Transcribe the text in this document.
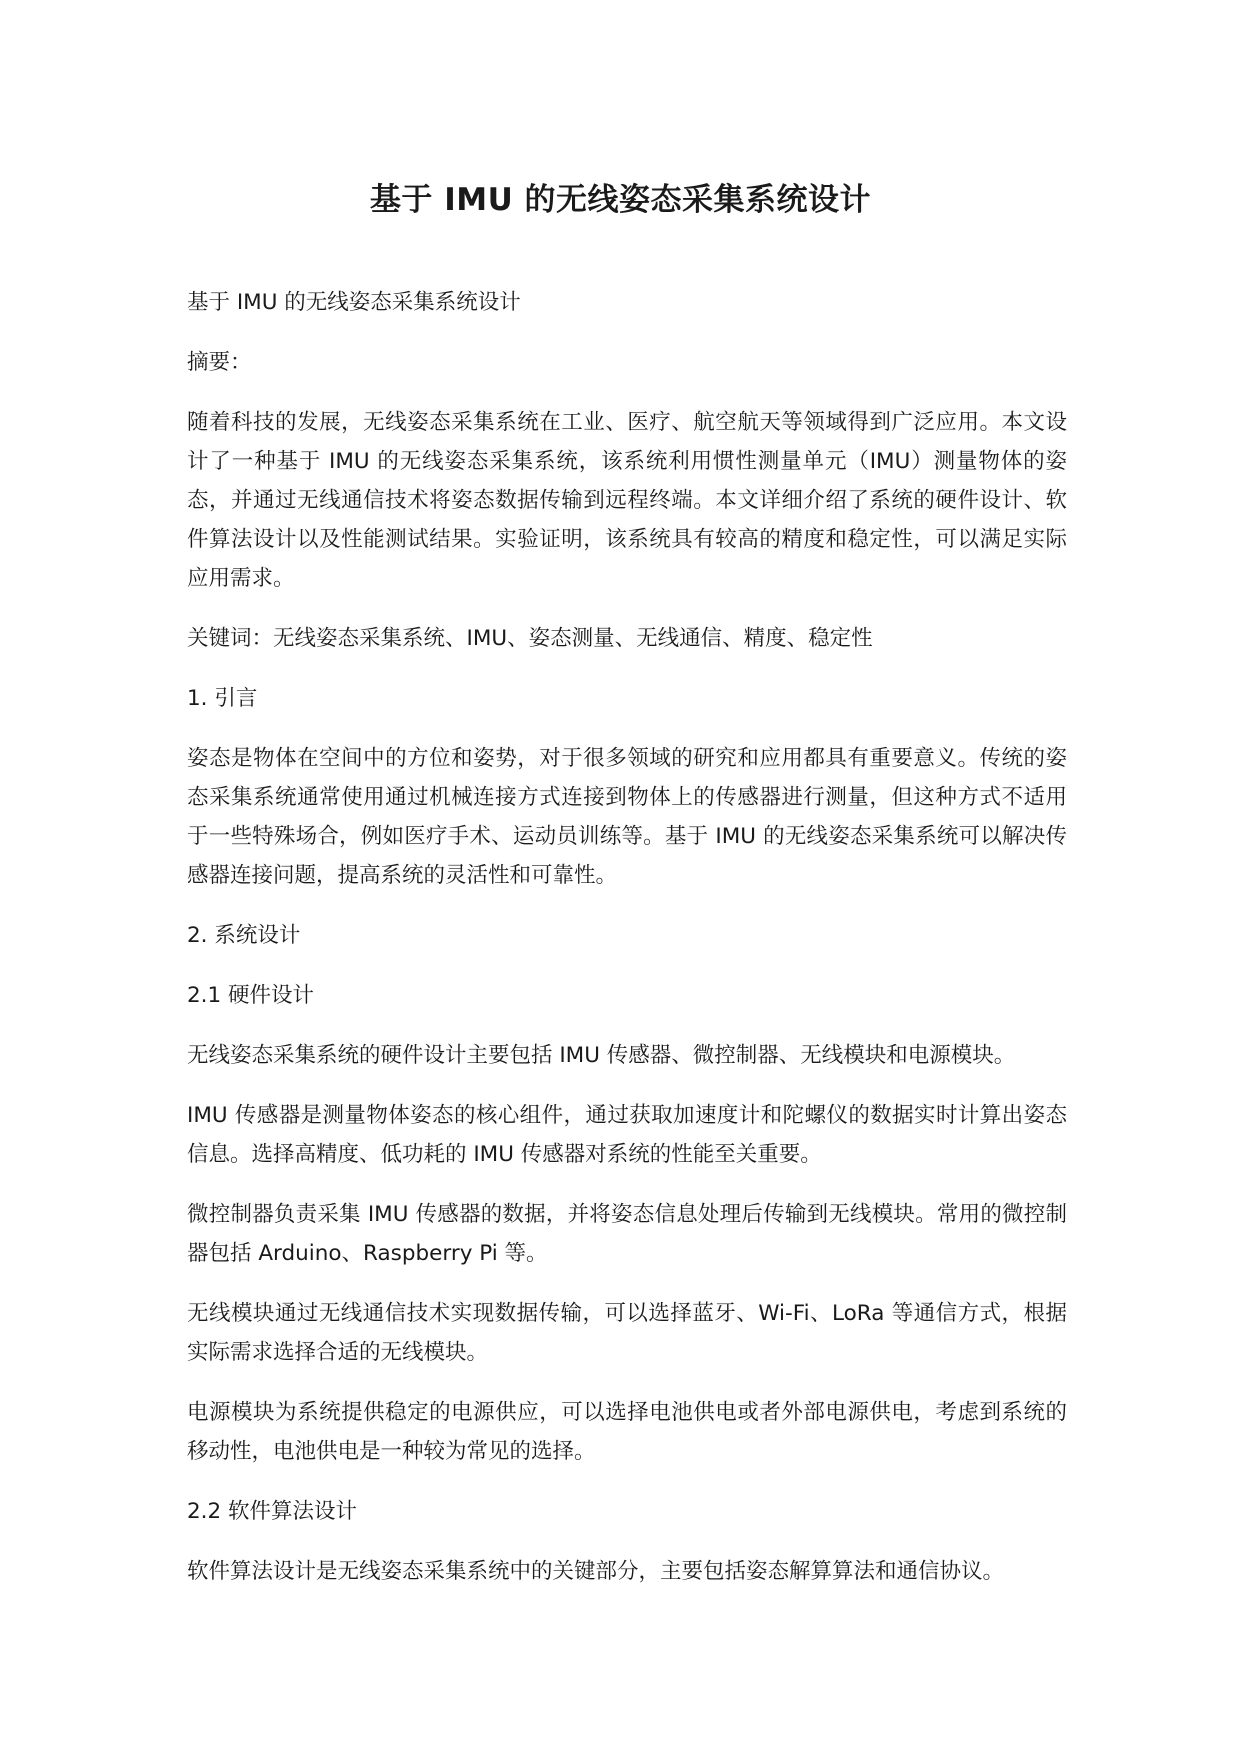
基于 IMU 的无线姿态采集系统设计

基于 IMU 的无线姿态采集系统设计

摘要：

随着科技的发展，无线姿态采集系统在工业、医疗、航空航天等领域得到广泛应用。本文设计了一种基于 IMU 的无线姿态采集系统，该系统利用惯性测量单元（IMU）测量物体的姿态，并通过无线通信技术将姿态数据传输到远程终端。本文详细介绍了系统的硬件设计、软件算法设计以及性能测试结果。实验证明，该系统具有较高的精度和稳定性，可以满足实际应用需求。

关键词：无线姿态采集系统、IMU、姿态测量、无线通信、精度、稳定性

1. 引言

姿态是物体在空间中的方位和姿势，对于很多领域的研究和应用都具有重要意义。传统的姿态采集系统通常使用通过机械连接方式连接到物体上的传感器进行测量，但这种方式不适用于一些特殊场合，例如医疗手术、运动员训练等。基于 IMU 的无线姿态采集系统可以解决传感器连接问题，提高系统的灵活性和可靠性。

2. 系统设计

2.1 硬件设计

无线姿态采集系统的硬件设计主要包括 IMU 传感器、微控制器、无线模块和电源模块。

IMU 传感器是测量物体姿态的核心组件，通过获取加速度计和陀螺仪的数据实时计算出姿态信息。选择高精度、低功耗的 IMU 传感器对系统的性能至关重要。

微控制器负责采集 IMU 传感器的数据，并将姿态信息处理后传输到无线模块。常用的微控制器包括 Arduino、Raspberry Pi 等。

无线模块通过无线通信技术实现数据传输，可以选择蓝牙、Wi-Fi、LoRa 等通信方式，根据实际需求选择合适的无线模块。

电源模块为系统提供稳定的电源供应，可以选择电池供电或者外部电源供电，考虑到系统的移动性，电池供电是一种较为常见的选择。

2.2 软件算法设计

软件算法设计是无线姿态采集系统中的关键部分，主要包括姿态解算算法和通信协议。
